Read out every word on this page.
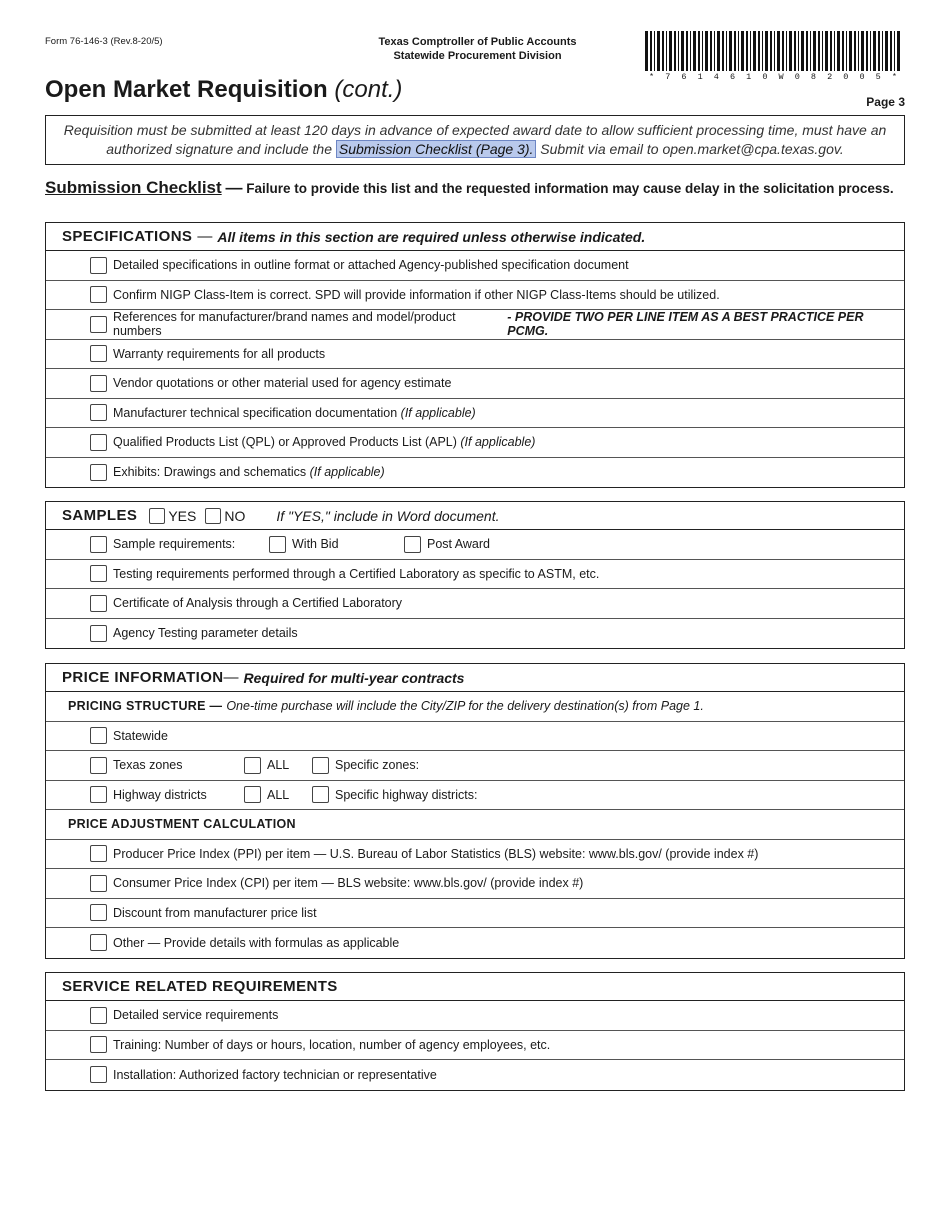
Form 76-146-3 (Rev.8-20/5)	Texas Comptroller of Public Accounts
Statewide Procurement Division
* 7 6 1 4 6 1 0 W 0 8 2 0 0 5 *
Open Market Requisition (cont.)	Page 3
Requisition must be submitted at least 120 days in advance of expected award date to allow sufficient processing time, must have an authorized signature and include the Submission Checklist (Page 3). Submit via email to open.market@cpa.texas.gov.
Submission Checklist — Failure to provide this list and the requested information may cause delay in the solicitation process.
SPECIFICATIONS — All items in this section are required unless otherwise indicated.
Detailed specifications in outline format or attached Agency-published specification document
Confirm NIGP Class-Item is correct. SPD will provide information if other NIGP Class-Items should be utilized.
References for manufacturer/brand names and model/product numbers

- PROVIDE TWO PER LINE ITEM AS A BEST PRACTICE PER PCMG.
Warranty requirements for all products
Vendor quotations or other material used for agency estimate
Manufacturer technical specification documentation
(If applicable)
Qualified Products List (QPL) or Approved Products List (APL)
(If applicable)
Exhibits: Drawings and schematics
(If applicable)
SAMPLES YES NO If "YES," include in Word document.
Sample requirements:	With Bid	Post Award
Testing requirements performed through a Certified Laboratory as specific to ASTM, etc.
Certificate of Analysis through a Certified Laboratory
Agency Testing parameter details
PRICE INFORMATION — Required for multi-year contracts
PRICING STRUCTURE — One-time purchase will include the City/ZIP for the delivery destination(s) from Page 1.
Statewide
Texas zones	ALL	Specific zones:
Highway districts	ALL	Specific highway districts:
PRICE ADJUSTMENT CALCULATION
Producer Price Index (PPI) per item — U.S. Bureau of Labor Statistics (BLS) website: www.bls.gov/ (provide index #)
Consumer Price Index (CPI) per item — BLS website: www.bls.gov/ (provide index #)
Discount from manufacturer price list
Other — Provide details with formulas as applicable
SERVICE RELATED REQUIREMENTS
Detailed service requirements
Training: Number of days or hours, location, number of agency employees, etc.
Installation: Authorized factory technician or representative
